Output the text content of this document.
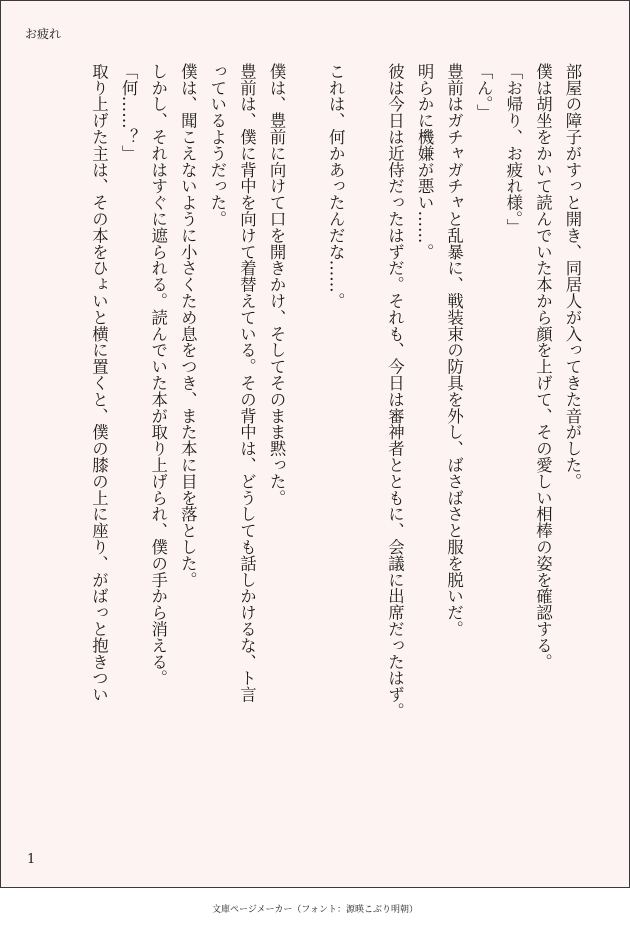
お疲れ
部屋の障子がすっと開き、同居人が入ってきた音がした。
僕は胡坐をかいて読んでいた本から顔を上げて、その愛しい相棒の姿を確認する。
「お帰り、お疲れ様。」
「ん。」
豊前はガチャガチャと乱暴に、戦装束の防具を外し、ばさばさと服を脱いだ。
明らかに機嫌が悪い……。
彼は今日は近侍だったはずだ。それも、今日は審神者とともに、会議に出席だったはず。
これは、何かあったんだな……。
僕は、豊前に向けて口を開きかけ、そしてそのまま黙った。
豊前は、僕に背中を向けて着替えている。その背中は、どうしても話しかけるな、ト言
っているようだった。
僕は、聞こえないように小さくため息をつき、また本に目を落とした。
しかし、それはすぐに遮られる。読んでいた本が取り上げられ、僕の手から消える。
「何……？」
取り上げた主は、その本をひょいと横に置くと、僕の膝の上に座り、がばっと抱きつい
1
文庫ページメーカー（フォント：源暎こぶり明朝）
